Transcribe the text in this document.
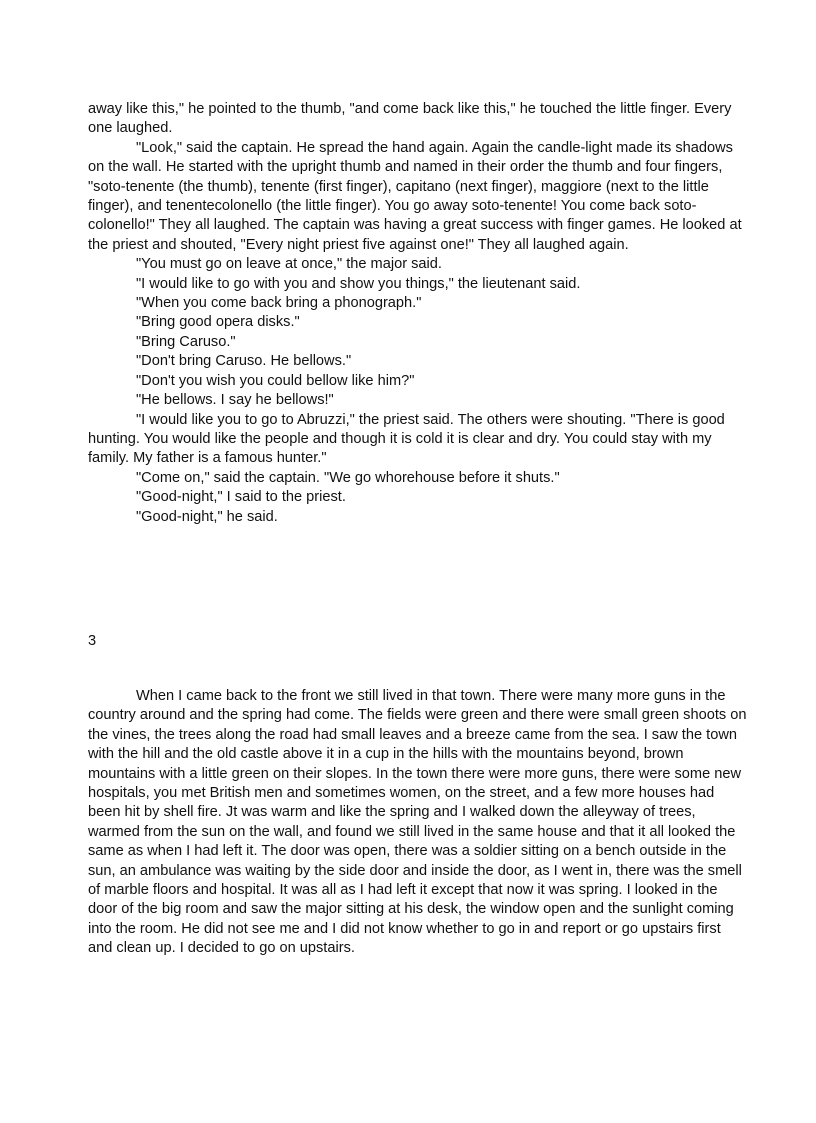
away like this," he pointed to the thumb, "and come back like this," he touched the little finger. Every one laughed.

"Look," said the captain. He spread the hand again. Again the candle-light made its shadows on the wall. He started with the upright thumb and named in their order the thumb and four fingers, "soto-tenente (the thumb), tenente (first finger), capitano (next finger), maggiore (next to the little finger), and tenentecolonello (the little finger). You go away soto-tenente! You come back soto-colonello!" They all laughed. The captain was having a great success with finger games. He looked at the priest and shouted, "Every night priest five against one!" They all laughed again.

"You must go on leave at once," the major said.

"I would like to go with you and show you things," the lieutenant said.

"When you come back bring a phonograph."

"Bring good opera disks."

"Bring Caruso."

"Don't bring Caruso. He bellows."

"Don't you wish you could bellow like him?"

"He bellows. I say he bellows!"

"I would like you to go to Abruzzi," the priest said. The others were shouting. "There is good hunting. You would like the people and though it is cold it is clear and dry. You could stay with my family. My father is a famous hunter."

"Come on," said the captain. "We go whorehouse before it shuts."

"Good-night," I said to the priest.

"Good-night," he said.

3

When I came back to the front we still lived in that town. There were many more guns in the country around and the spring had come. The fields were green and there were small green shoots on the vines, the trees along the road had small leaves and a breeze came from the sea. I saw the town with the hill and the old castle above it in a cup in the hills with the mountains beyond, brown mountains with a little green on their slopes. In the town there were more guns, there were some new hospitals, you met British men and sometimes women, on the street, and a few more houses had been hit by shell fire. Jt was warm and like the spring and I walked down the alleyway of trees, warmed from the sun on the wall, and found we still lived in the same house and that it all looked the same as when I had left it. The door was open, there was a soldier sitting on a bench outside in the sun, an ambulance was waiting by the side door and inside the door, as I went in, there was the smell of marble floors and hospital. It was all as I had left it except that now it was spring. I looked in the door of the big room and saw the major sitting at his desk, the window open and the sunlight coming into the room. He did not see me and I did not know whether to go in and report or go upstairs first and clean up. I decided to go on upstairs.
